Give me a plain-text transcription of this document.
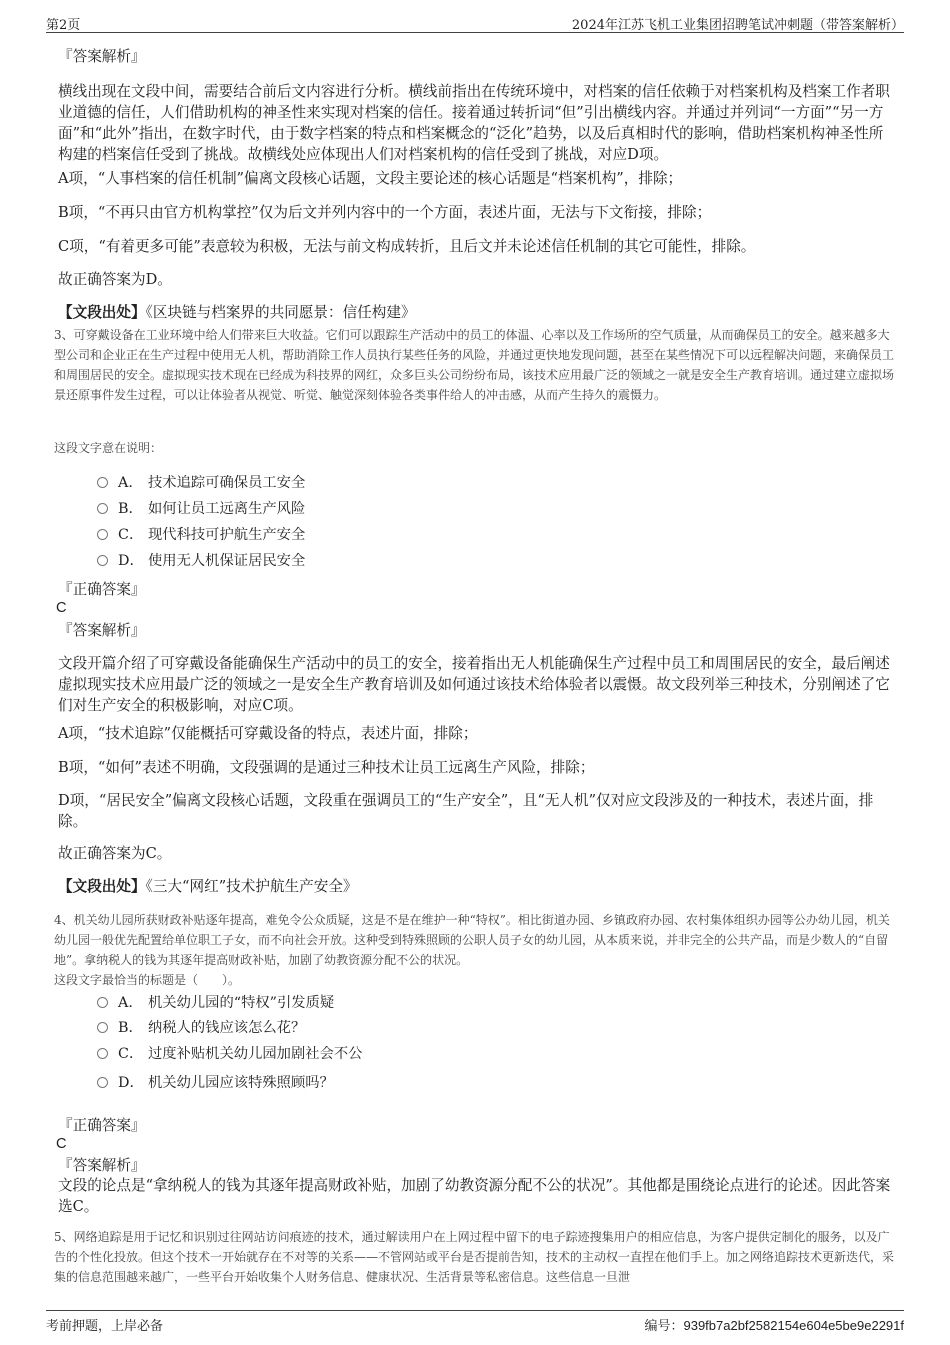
第2页	2024年江苏飞机工业集团招聘笔试冲刺题（带答案解析）
『答案解析』
横线出现在文段中间，需要结合前后文内容进行分析。横线前指出在传统环境中，对档案的信任依赖于对档案机构及档案工作者职业道德的信任，人们借助机构的神圣性来实现对档案的信任。接着通过转折词“但”引出横线内容。并通过并列词“一方面”“另一方面”和“此外”指出，在数字时代，由于数字档案的特点和档案概念的“泛化”趋势，以及后真相时代的影响，借助档案机构神圣性所构建的档案信任受到了挑战。故横线处应体现出人们对档案机构的信任受到了挑战，对应D项。
A项，“人事档案的信任机制”偏离文段核心话题，文段主要论述的核心话题是“档案机构”，排除；
B项，“不再只由官方机构掌控”仅为后文并列内容中的一个方面，表述片面，无法与下文衔接，排除；
C项，“有着更多可能”表意较为积极，无法与前文构成转折，且后文并未论述信任机制的其它可能性，排除。
故正确答案为D。
【文段出处】《区块链与档案界的共同愿景：信任构建》
3、可穿戴设备在工业环境中给人们带来巨大收益。它们可以跟踪生产活动中的员工的体温、心率以及工作场所的空气质量，从而确保员工的安全。越来越多大型公司和企业正在生产过程中使用无人机，帮助消除工作人员执行某些任务的风险，并通过更快地发现问题，甚至在某些情况下可以远程解决问题，来确保员工和周围居民的安全。虚拟现实技术现在已经成为科技界的网红，众多巨头公司纷纷布局，该技术应用最广泛的领域之一就是安全生产教育培训。通过建立虚拟场景还原事件发生过程，可以让体验者从视觉、听觉、触觉深刻体验各类事件给人的冲击感，从而产生持久的震慑力。
这段文字意在说明：
A． 技术追踪可确保员工安全
B． 如何让员工远离生产风险
C． 现代科技可护航生产安全
D． 使用无人机保证居民安全
『正确答案』
C
『答案解析』
文段开篇介绍了可穿戴设备能确保生产活动中的员工的安全，接着指出无人机能确保生产过程中员工和周围居民的安全，最后阐述虚拟现实技术应用最广泛的领域之一是安全生产教育培训及如何通过该技术给体验者以震慑。故文段列举三种技术，分别阐述了它们对生产安全的积极影响，对应C项。
A项，“技术追踪”仅能概括可穿戴设备的特点，表述片面，排除；
B项，“如何”表述不明确，文段强调的是通过三种技术让员工远离生产风险，排除；
D项，“居民安全”偏离文段核心话题，文段重在强调员工的“生产安全”，且“无人机”仅对应文段涉及的一种技术，表述片面，排除。
故正确答案为C。
【文段出处】《三大“网红”技术护航生产安全》
4、机关幼儿园所获财政补贴逐年提高，难免令公众质疑，这是不是在维护一种“特权”。相比街道办园、乡镇政府办园、农村集体组织办园等公办幼儿园，机关幼儿园一般优先配置给单位职工子女，而不向社会开放。这种受到特殊照顾的公职人员子女的幼儿园，从本质来说，并非完全的公共产品，而是少数人的“自留地”。拿纳税人的钱为其逐年提高财政补贴，加剧了幼教资源分配不公的状况。
这段文字最恰当的标题是（　　）。
A． 机关幼儿园的“特权”引发质疑
B． 纳税人的钱应该怎么花？
C． 过度补贴机关幼儿园加剧社会不公
D． 机关幼儿园应该特殊照顾吗？
『正确答案』
C
『答案解析』
文段的论点是“拿纳税人的钱为其逐年提高财政补贴，加剧了幼教资源分配不公的状况”。其他都是围绕论点进行的论述。因此答案选C。
5、网络追踪是用于记忆和识别过往网站访问痕迹的技术，通过解读用户在上网过程中留下的电子踪迹搜集用户的相应信息，为客户提供定制化的服务，以及广告的个性化投放。但这个技术一开始就存在不对等的关系——不管网站或平台是否提前告知，技术的主动权一直捏在他们手上。加之网络追踪技术更新迭代，采集的信息范围越来越广，一些平台开始收集个人财务信息、健康状况、生活背景等私密信息。这些信息一旦泄
考前押题，上岸必备	编号：939fb7a2bf2582154e604e5be9e2291f
